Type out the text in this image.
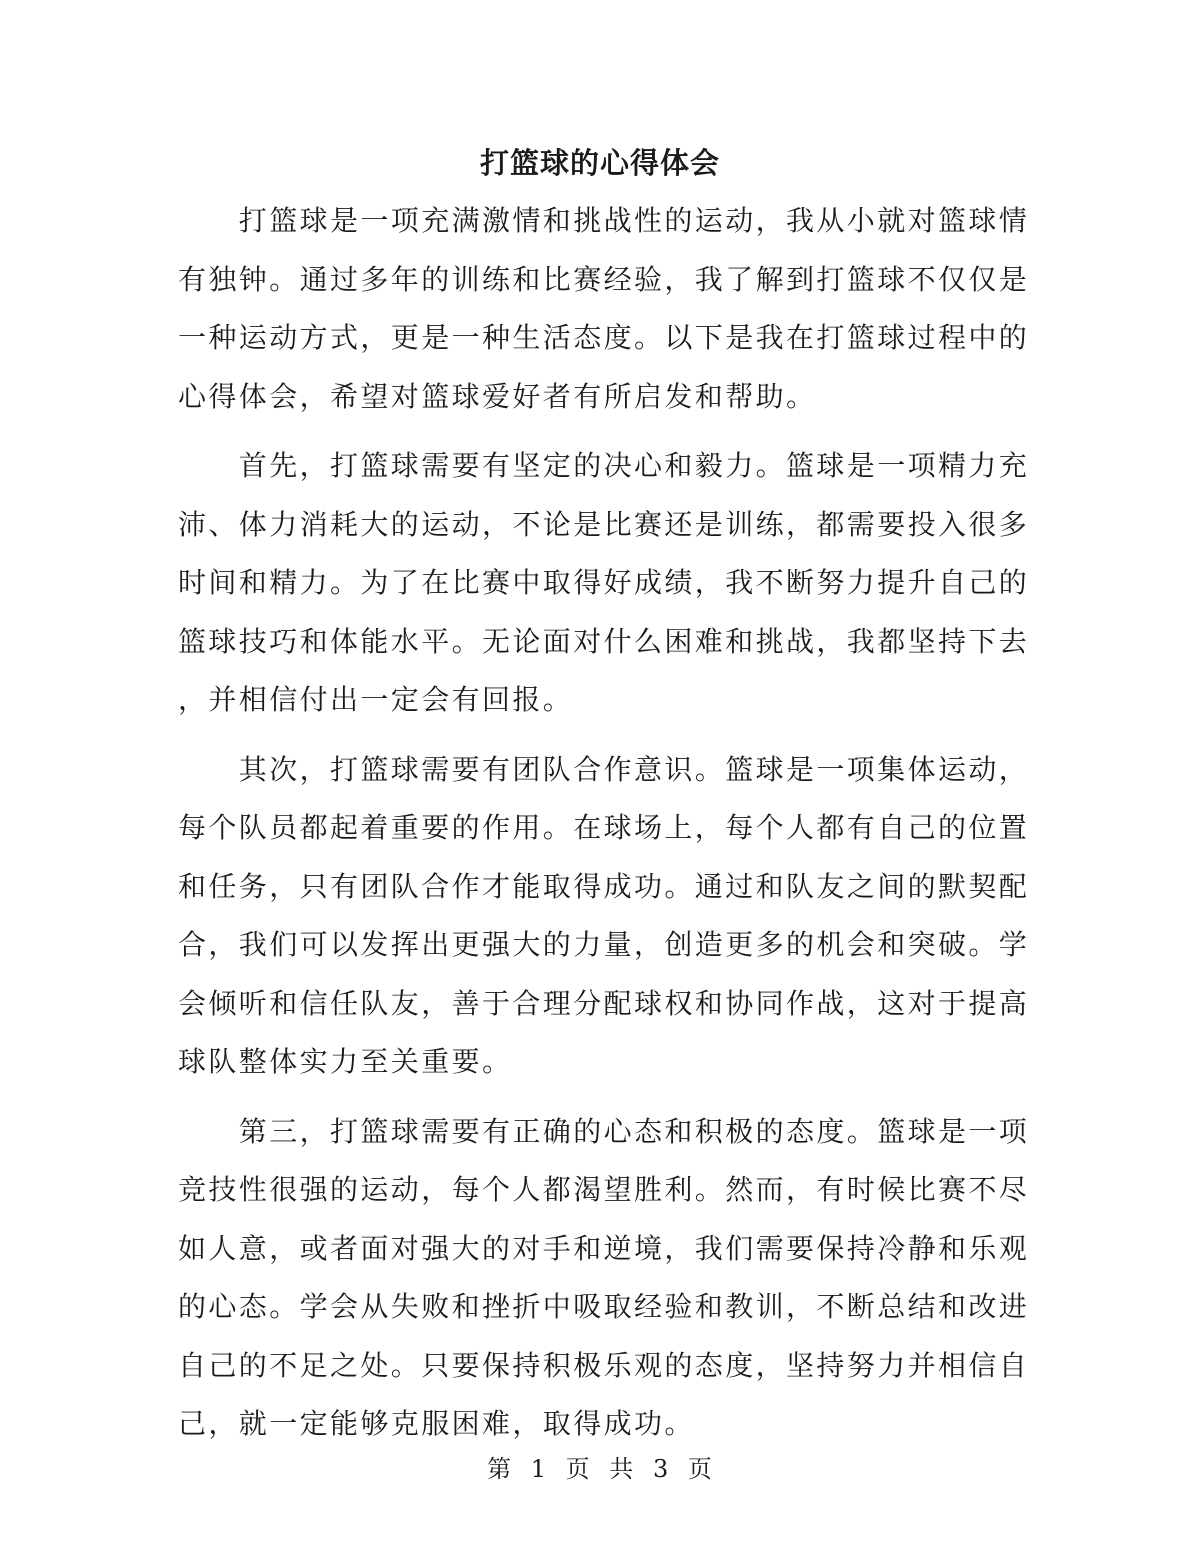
打篮球的心得体会

　　打篮球是一项充满激情和挑战性的运动，我从小就对篮球情
有独钟。通过多年的训练和比赛经验，我了解到打篮球不仅仅是
一种运动方式，更是一种生活态度。以下是我在打篮球过程中的
心得体会，希望对篮球爱好者有所启发和帮助。

　　首先，打篮球需要有坚定的决心和毅力。篮球是一项精力充
沛、体力消耗大的运动，不论是比赛还是训练，都需要投入很多
时间和精力。为了在比赛中取得好成绩，我不断努力提升自己的
篮球技巧和体能水平。无论面对什么困难和挑战，我都坚持下去
，并相信付出一定会有回报。

　　其次，打篮球需要有团队合作意识。篮球是一项集体运动，
每个队员都起着重要的作用。在球场上，每个人都有自己的位置
和任务，只有团队合作才能取得成功。通过和队友之间的默契配
合，我们可以发挥出更强大的力量，创造更多的机会和突破。学
会倾听和信任队友，善于合理分配球权和协同作战，这对于提高
球队整体实力至关重要。

　　第三，打篮球需要有正确的心态和积极的态度。篮球是一项
竞技性很强的运动，每个人都渴望胜利。然而，有时候比赛不尽
如人意，或者面对强大的对手和逆境，我们需要保持冷静和乐观
的心态。学会从失败和挫折中吸取经验和教训，不断总结和改进
自己的不足之处。只要保持积极乐观的态度，坚持努力并相信自
己，就一定能够克服困难，取得成功。

第 1 页 共 3 页
